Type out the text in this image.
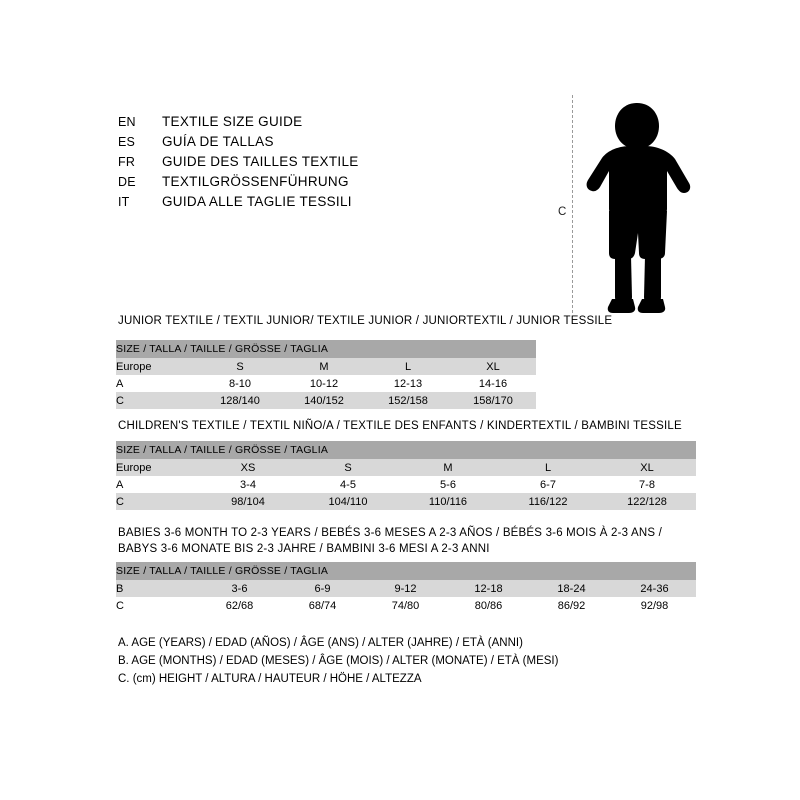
EN	TEXTILE SIZE GUIDE
ES	GUÍA DE TALLAS
FR	GUIDE DES TAILLES TEXTILE
DE	TEXTILGRÖSSENFÜHRUNG
IT	GUIDA ALLE TAGLIE TESSILI
C
JUNIOR TEXTILE / TEXTIL JUNIOR/ TEXTILE JUNIOR / JUNIORTEXTIL / JUNIOR TESSILE
SIZE / TALLA / TAILLE / GRÖSSE / TAGLIA				
Europe	S	M	L	XL
A	8-10	10-12	12-13	14-16
C	128/140	140/152	152/158	158/170
CHILDREN'S TEXTILE / TEXTIL NIÑO/A / TEXTILE DES ENFANTS / KINDERTEXTIL / BAMBINI TESSILE
SIZE / TALLA / TAILLE / GRÖSSE / TAGLIA					
Europe	XS	S	M	L	XL
A	3-4	4-5	5-6	6-7	7-8
C	98/104	104/110	110/116	116/122	122/128
BABIES 3-6 MONTH TO 2-3 YEARS / BEBÉS 3-6 MESES A 2-3 AÑOS / BÉBÉS 3-6 MOIS À 2-3 ANS /
BABYS 3-6 MONATE BIS 2-3 JAHRE / BAMBINI 3-6 MESI A 2-3 ANNI
SIZE / TALLA / TAILLE / GRÖSSE / TAGLIA						
B	3-6	6-9	9-12	12-18	18-24	24-36
C	62/68	68/74	74/80	80/86	86/92	92/98
A. AGE (YEARS) / EDAD (AÑOS) / ÂGE (ANS) / ALTER (JAHRE) / ETÀ (ANNI)
B. AGE (MONTHS) / EDAD (MESES) / ÂGE (MOIS) / ALTER (MONATE) / ETÀ (MESI)
C. (cm) HEIGHT / ALTURA / HAUTEUR / HÖHE / ALTEZZA
